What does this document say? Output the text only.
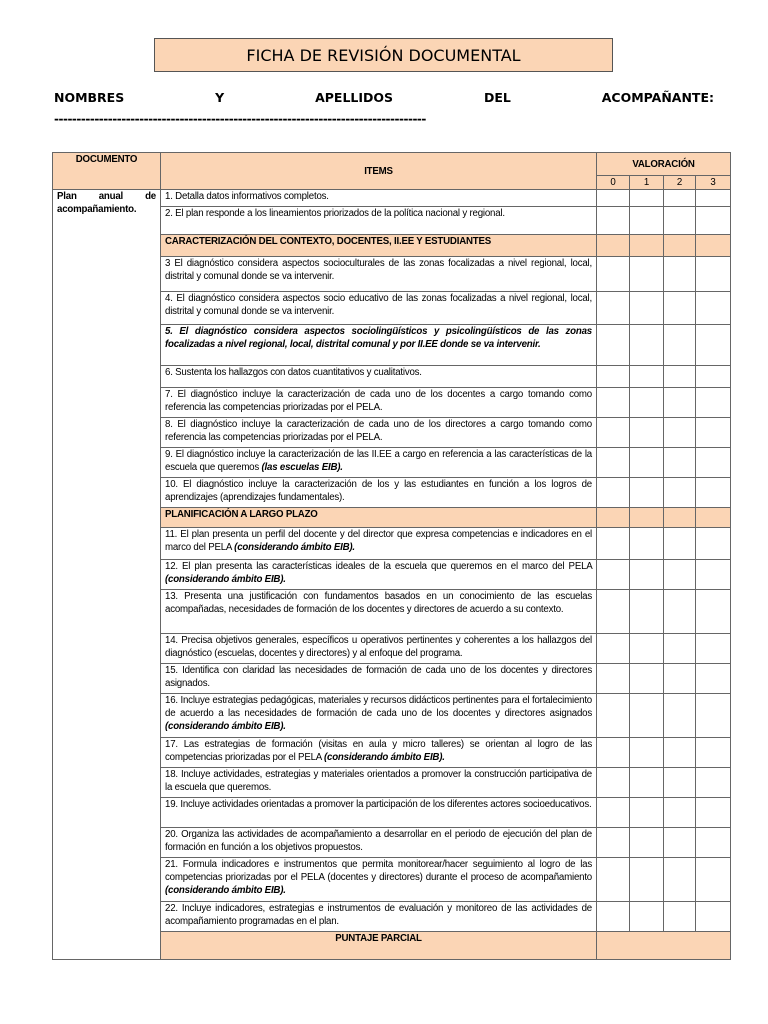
FICHA DE REVISIÓN DOCUMENTAL
NOMBRES	Y	APELLIDOS	DEL	ACOMPAÑANTE:
-----------------------------------------------------------------------------------
DOCUMENTO	ITEMS	VALORACIÓN			
		0	1	2	3
Plan anual de acompañamiento.	1. Detalla datos informativos completos.				
	2. El plan responde a los lineamientos priorizados de la política nacional y regional.				
	CARACTERIZACIÓN DEL CONTEXTO, DOCENTES, II.EE Y ESTUDIANTES				
	3 El diagnóstico considera aspectos socioculturales de las zonas focalizadas a nivel regional, local, distrital y comunal donde se va intervenir.				
	4. El diagnóstico considera aspectos socio educativo de las zonas focalizadas a nivel regional, local, distrital y comunal donde se va intervenir.				
	5. El diagnóstico considera aspectos sociolingüísticos y psicolingüísticos de las zonas focalizadas a nivel regional, local, distrital comunal y por II.EE donde se va intervenir.				
	6. Sustenta los hallazgos con datos cuantitativos y cualitativos.				
	7. El diagnóstico incluye la caracterización de cada uno de los docentes a cargo tomando como referencia las competencias priorizadas por el PELA.				
	8. El diagnóstico incluye la caracterización de cada uno de los directores a cargo tomando como referencia las competencias priorizadas por el PELA.				
	9. El diagnóstico incluye la caracterización de las II.EE a cargo en referencia a las características de la escuela que queremos (las escuelas EIB).				
	10. El diagnóstico incluye la caracterización de los y las estudiantes en función a los logros de aprendizajes (aprendizajes fundamentales).				
	PLANIFICACIÓN A LARGO PLAZO				
	11. El plan presenta un perfil del docente y del director que expresa competencias e indicadores en el marco del PELA (considerando ámbito EIB).				
	12. El plan presenta las características ideales de la escuela que queremos en el marco del PELA (considerando ámbito EIB).				
	13. Presenta una justificación con fundamentos basados en un conocimiento de las escuelas acompañadas, necesidades de formación de los docentes y directores de acuerdo a su contexto.				
	14. Precisa objetivos generales, específicos u operativos pertinentes y coherentes a los hallazgos del diagnóstico (escuelas, docentes y directores) y al enfoque del programa.				
	15. Identifica con claridad las necesidades de formación de cada uno de los docentes y directores asignados.				
	16. Incluye estrategias pedagógicas, materiales y recursos didácticos pertinentes para el fortalecimiento de acuerdo a las necesidades de formación de cada uno de los docentes y directores asignados (considerando ámbito EIB).				
	17. Las estrategias de formación (visitas en aula y micro talleres) se orientan al logro de las competencias priorizadas por el PELA (considerando ámbito EIB).				
	18. Incluye actividades, estrategias y materiales orientados a promover la construcción participativa de la escuela que queremos.				
	19. Incluye actividades orientadas a promover la participación de los diferentes actores socioeducativos.				
	20. Organiza las actividades de acompañamiento a desarrollar en el periodo de ejecución del plan de formación en función a los objetivos propuestos.				
	21. Formula indicadores e instrumentos que permita monitorear/hacer seguimiento al logro de las competencias priorizadas por el PELA (docentes y directores) durante el proceso de acompañamiento (considerando ámbito EIB).				
	22. Incluye indicadores, estrategias e instrumentos de evaluación y monitoreo de las actividades de acompañamiento programadas en el plan.				
	PUNTAJE PARCIAL				
